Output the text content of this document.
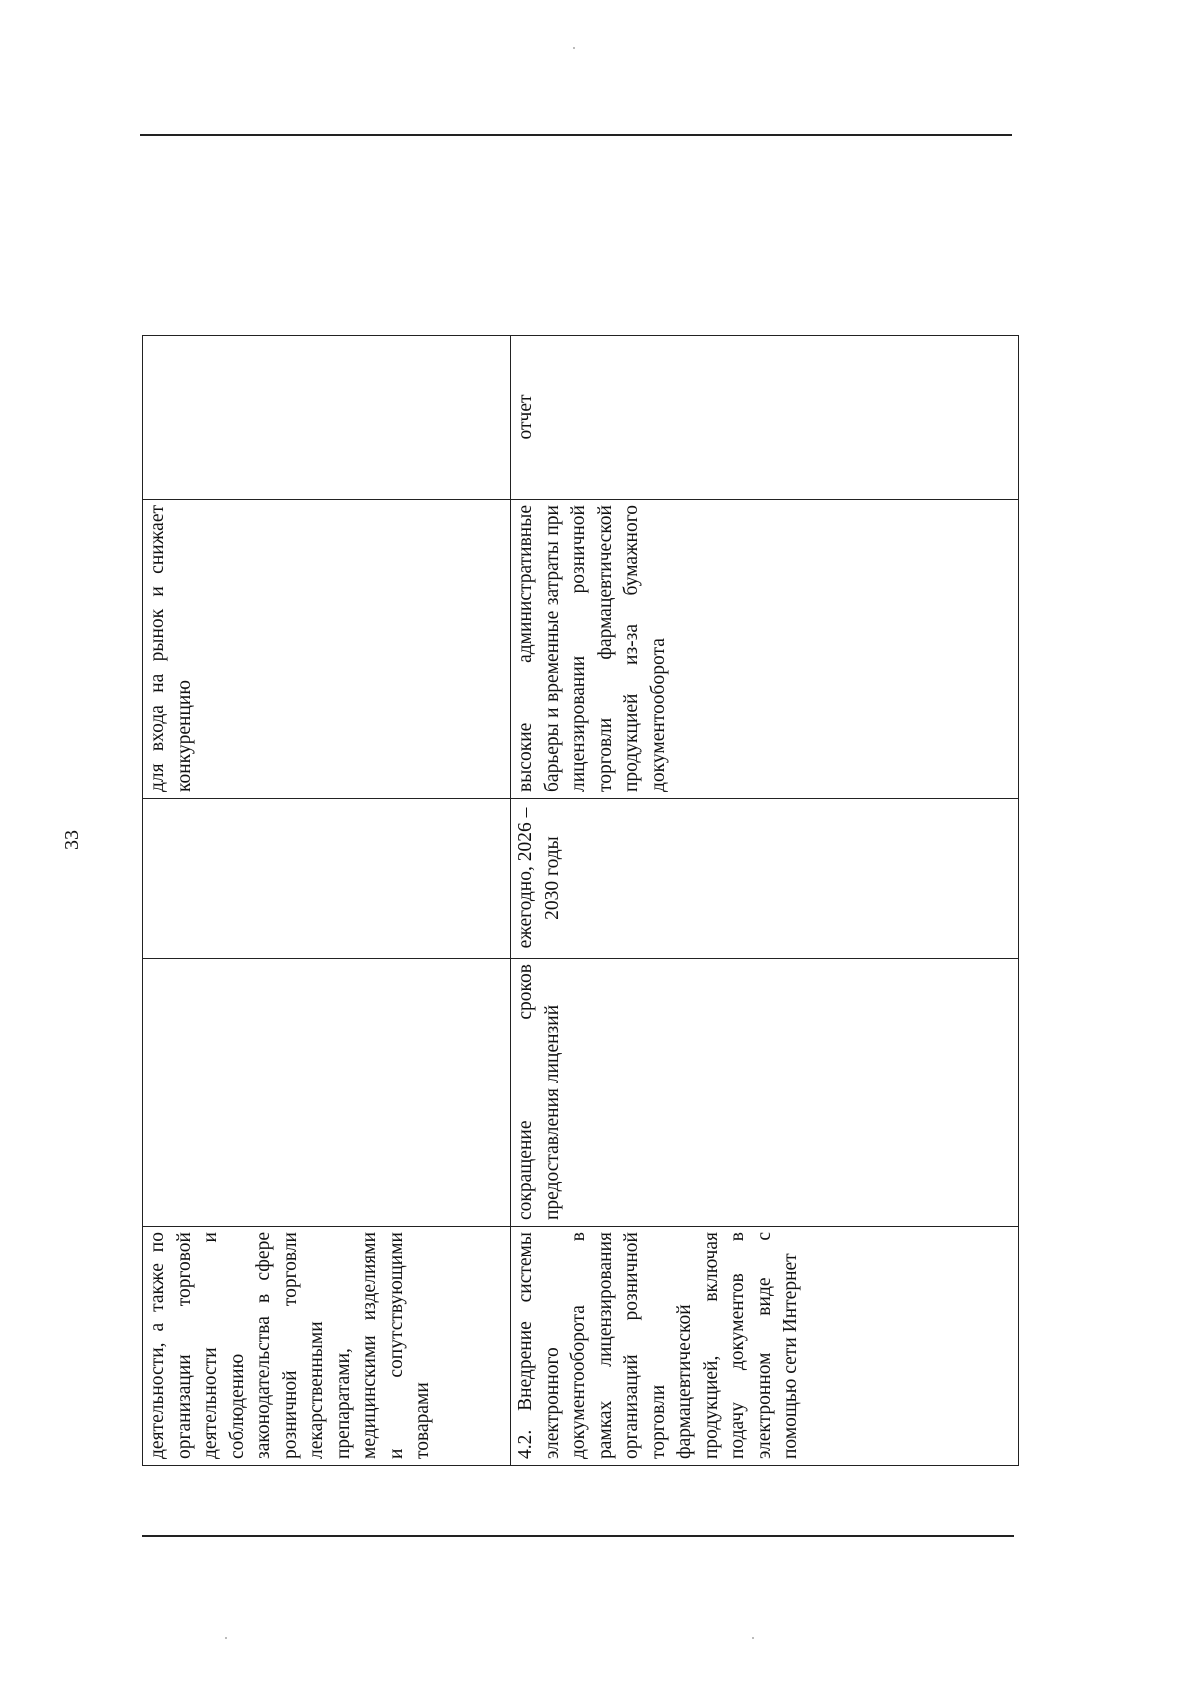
33
деятельности, а также по организации торговой деятельности и соблюдению законодательства в сфере розничной торговли лекарственными препаратами, медицинскими изделиями и сопутствующими товарами			для входа на рынок и снижает конкуренцию	
4.2. Внедрение системы электронного документооборота в рамках лицензирования организаций розничной торговли фармацевтической продукцией, включая подачу документов в электронном виде с помощью сети Интернет	сокращение сроков предоставления лицензий	ежегодно, 2026 – 2030 годы	высокие административные барьеры и временные затраты при лицензировании розничной торговли фармацевтической продукцией из-за бумажного документооборота	отчет
